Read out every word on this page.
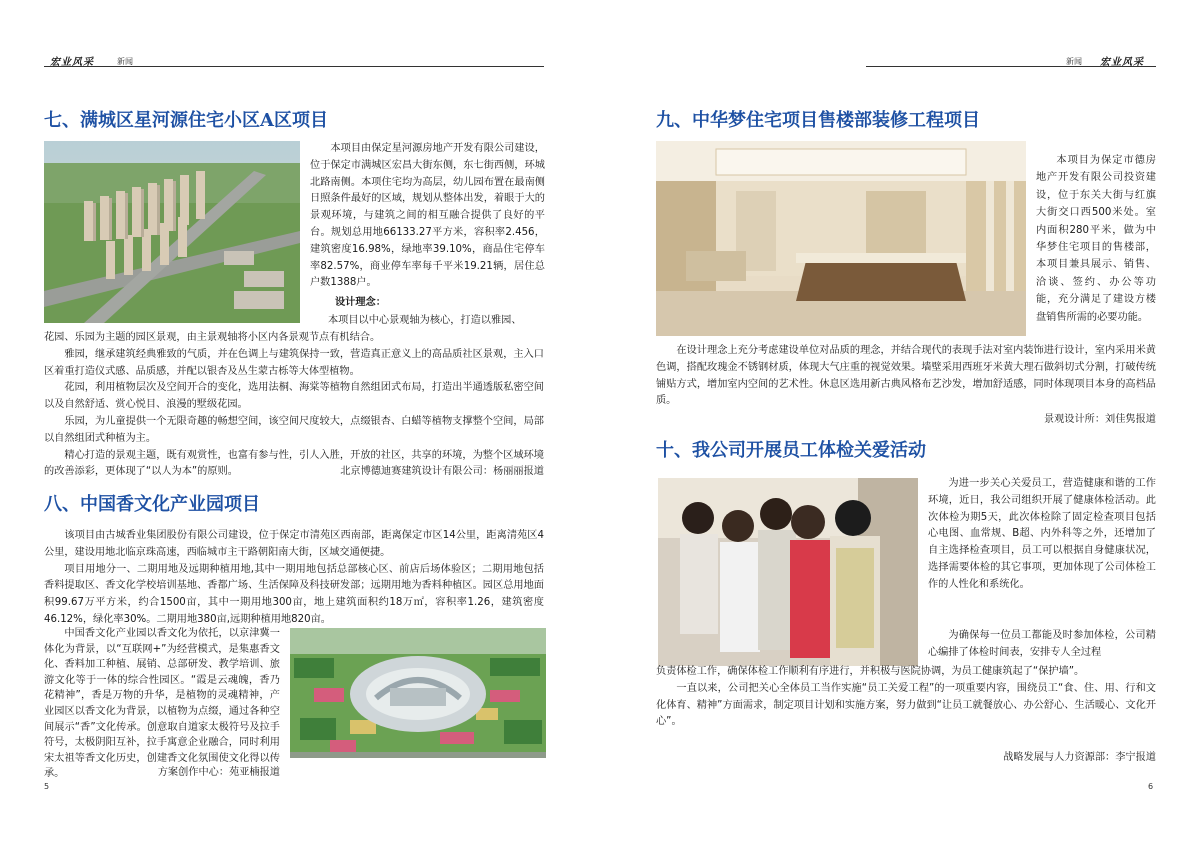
宏业风采	新闻	新闻 宏业风采
5	6
七、满城区星河源住宅小区A区项目

本项目由保定星河源房地产开发有限公司建设，位于保定市满城区宏昌大街东侧，东七街西侧，环城北路南侧。本项住宅均为高层，幼儿园布置在最南侧日照条件最好的区域，规划从整体出发，着眼于大的景观环境，与建筑之间的相互融合提供了良好的平台。规划总用地66133.27平方米，容积率2.456，建筑密度16.98%，绿地率39.10%，商品住宅停车率82.57%，商业停车率每千平米19.21辆，居住总户数1388户。

设计理念：
本项目以中心景观轴为核心，打造以雅园、

花园、乐园为主题的园区景观，由主景观轴将小区内各景观节点有机结合。

雅园，继承建筑经典雅致的气质，并在色调上与建筑保持一致，营造真正意义上的高品质社区景观，主入口区着重打造仪式感、品质感，并配以银杏及丛生蒙古栎等大体型植物。

花园，利用植物层次及空间开合的变化，选用法桐、海棠等植物自然组团式布局，打造出半通透版私密空间以及自然舒适、赏心悦目、浪漫的墅级花园。

乐园，为儿童提供一个无限奇趣的畅想空间，该空间尺度较大，点缀银杏、白蜡等植物支撑整个空间，局部以自然组团式种植为主。

精心打造的景观主题，既有观赏性，也富有参与性，引人入胜，开放的社区，共享的环境，为整个区域环境的改善添彩，更体现了“以人为本”的原则。	北京博德迪赛建筑设计有限公司：杨丽丽报道
八、中国香文化产业园项目

该项目由古城香业集团股份有限公司建设，位于保定市清苑区西南部，距离保定市区14公里，距离清苑区4公里，建设用地北临京珠高速，西临城市主干路朝阳南大街，区域交通便捷。

项目用地分一、二期用地及远期种植用地,其中一期用地包括总部核心区、前店后场体验区；二期用地包括香料提取区、香文化学校培训基地、香都广场、生活保障及科技研发部；远期用地为香料种植区。园区总用地面积99.67万平方米，约合1500亩，其中一期用地300亩，地上建筑面积约18万㎡，容积率1.26，建筑密度46.12%，绿化率30%。二期用地380亩,远期种植用地820亩。

中国香文化产业园以香文化为依托，以京津冀一体化为背景，以“互联网+”为经营模式，是集惠香文化、香料加工种植、展销、总部研发、教学培训、旅游文化等于一体的综合性园区。“霞是云魂魄，香乃花精神”，香是万物的升华，是植物的灵魂精神，产业园区以香文化为背景，以植物为点缀，通过各种空间展示“香”文化传承。创意取自道家太极符号及拉手符号，太极阴阳互补，拉手寓意企业融合，同时利用宋太祖等香文化历史，创建香文化氛围使文化得以传承。	方案创作中心：苑亚楠报道
九、中华梦住宅项目售楼部装修工程项目

本项目为保定市德房地产开发有限公司投资建设，位于东关大街与红旗大街交口西500米处。室内面积280平米，做为中华梦住宅项目的售楼部，本项目兼具展示、销售、洽谈、签约、办公等功能，充分满足了建设方楼盘销售所需的必要功能。

在设计理念上充分考虑建设单位对品质的理念，并结合现代的表现手法对室内装饰进行设计，室内采用米黄色调，搭配玫瑰金不锈钢材质，体现大气庄重的视觉效果。墙壁采用西班牙米黄大理石做斜切式分割，打破传统铺贴方式，增加室内空间的艺术性。休息区选用新古典风格布艺沙发，增加舒适感，同时体现项目本身的高档品质。

景观设计所：刘佳隽报道
十、我公司开展员工体检关爱活动

为进一步关心关爱员工，营造健康和谐的工作环境，近日，我公司组织开展了健康体检活动。此次体检为期5天，此次体检除了固定检查项目包括心电图、血常规、B超、内外科等之外，还增加了自主选择检查项目，员工可以根据自身健康状况，选择需要体检的其它事项，更加体现了公司体检工作的人性化和系统化。

为确保每一位员工都能及时参加体检，公司精心编排了体检时间表，安排专人全过程

负责体检工作，确保体检工作顺利有序进行，并积极与医院协调，为员工健康筑起了“保护墙”。

一直以来，公司把关心全体员工当作实施“员工关爱工程”的一项重要内容，围绕员工“食、住、用、行和文化体育、精神”方面需求，制定项目计划和实施方案，努力做到“让员工就餐放心、办公舒心、生活暖心、文化开心”。

战略发展与人力资源部：李宁报道
